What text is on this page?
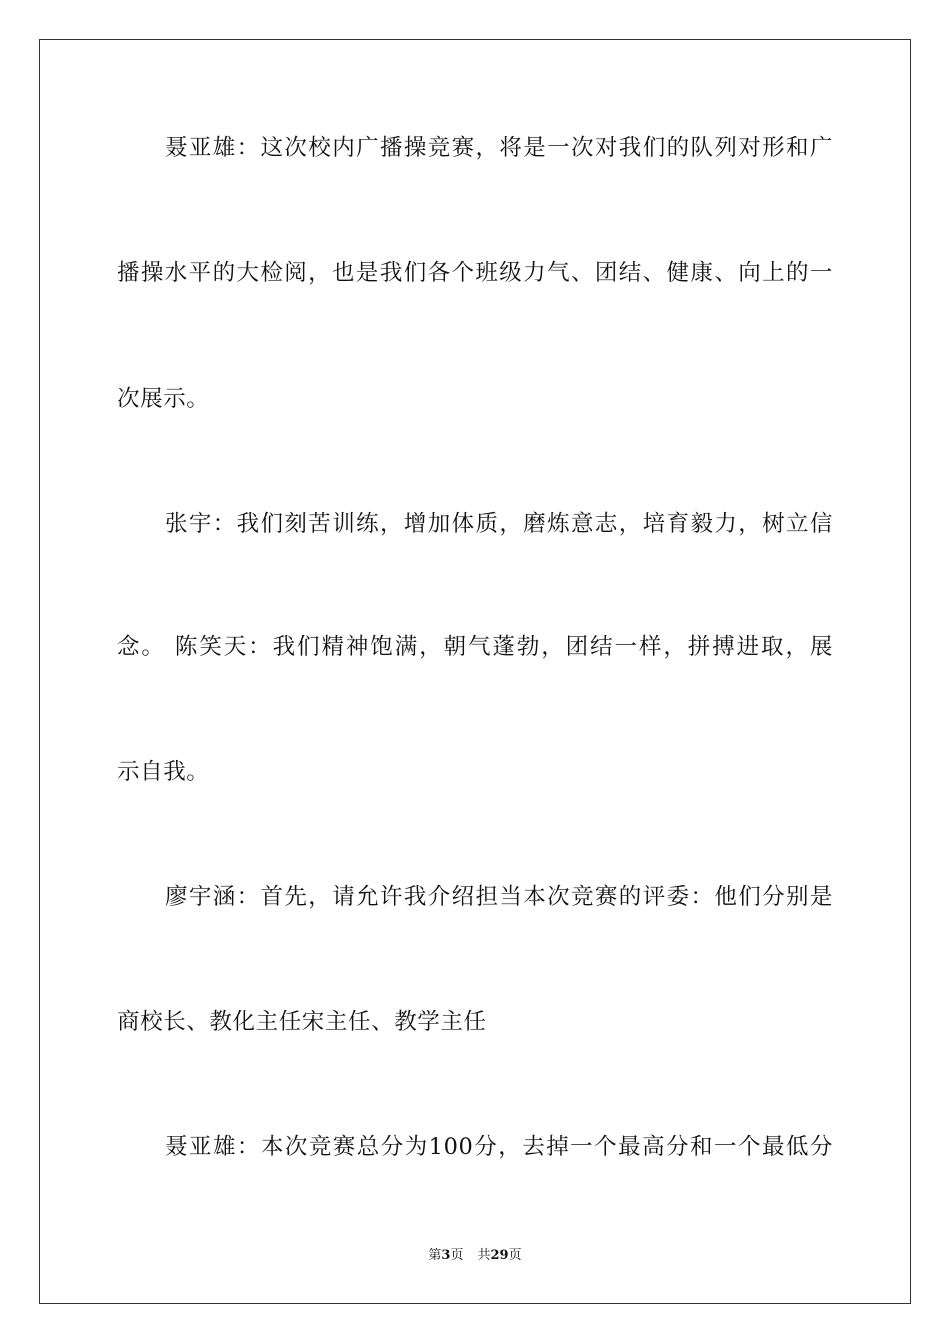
聂亚雄：这次校内广播操竞赛，将是一次对我们的队列对形和广
播操水平的大检阅，也是我们各个班级力气、团结、健康、向上的一
次展示。
张宇：我们刻苦训练，增加体质，磨炼意志，培育毅力，树立信
念。 陈笑天：我们精神饱满，朝气蓬勃，团结一样，拼搏进取，展
示自我。
廖宇涵：首先，请允许我介绍担当本次竞赛的评委：他们分别是
商校长、教化主任宋主任、教学主任
聂亚雄：本次竞赛总分为100分，去掉一个最高分和一个最低分
第3页 共29页
